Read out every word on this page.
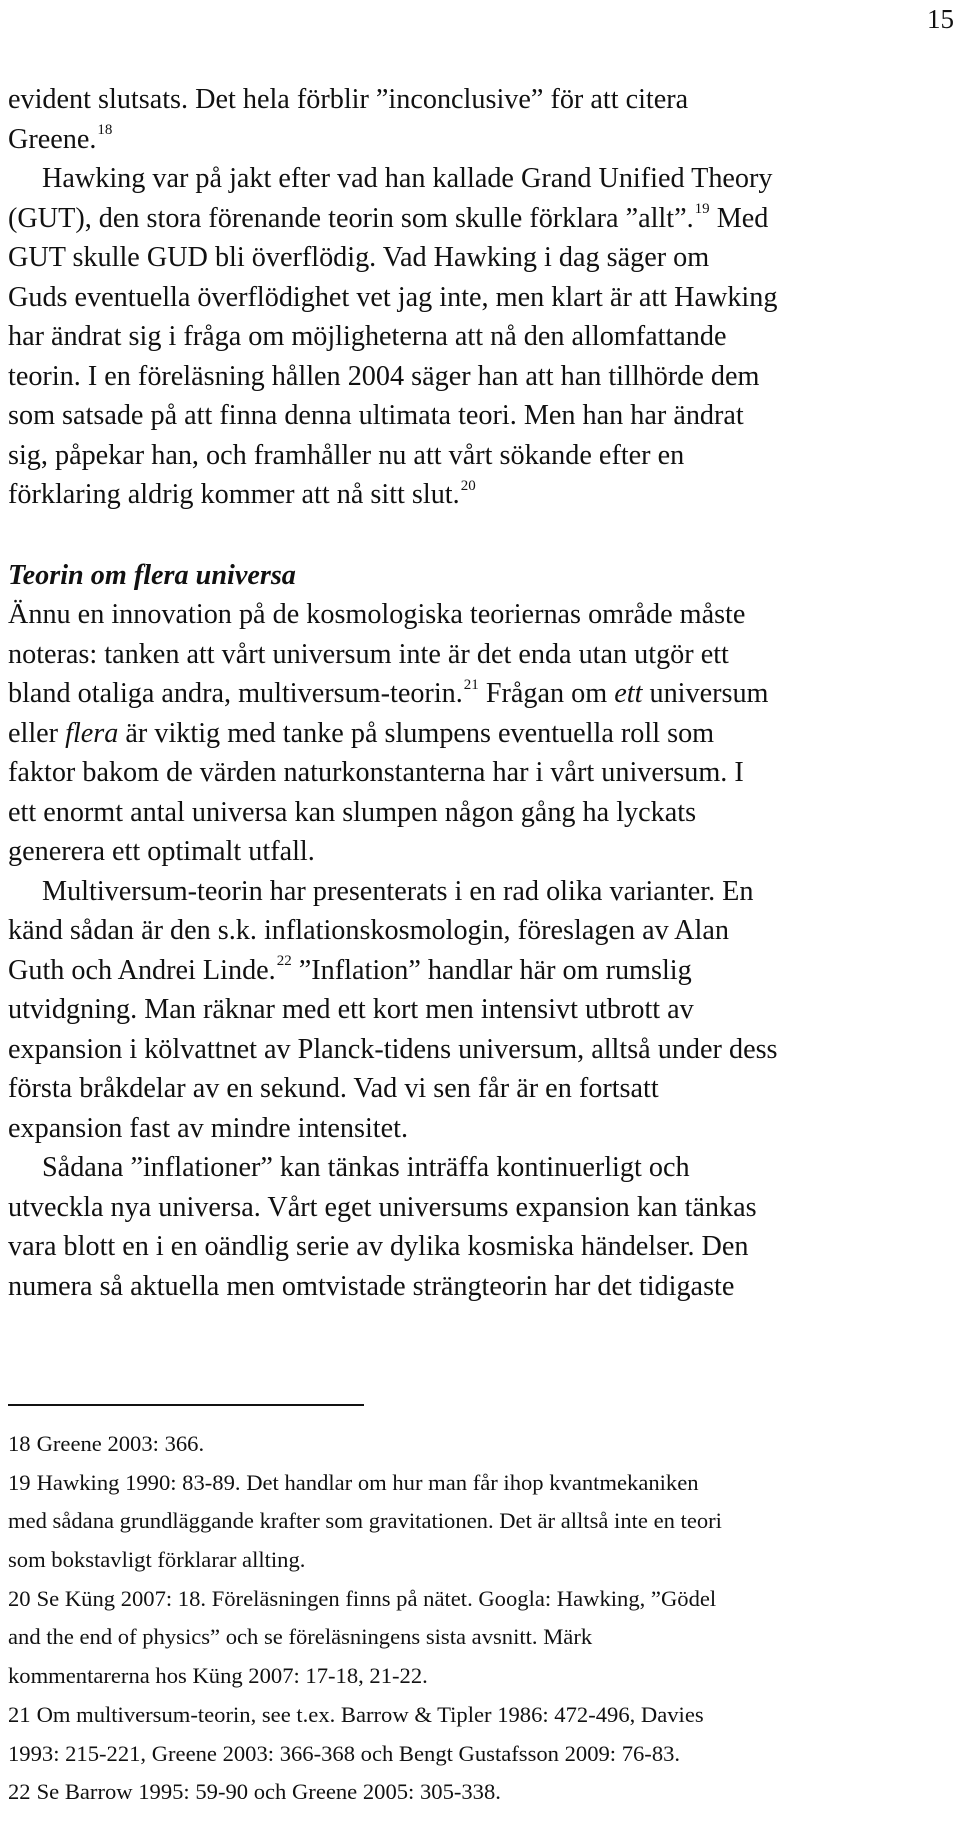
15
evident slutsats. Det hela förblir ”inconclusive” för att citera
Greene.$^{18}$
Hawking var på jakt efter vad han kallade Grand Unified Theory
(GUT), den stora förenande teorin som skulle förklara ”allt”.$^{19}$ Med
GUT skulle GUD bli överflödig. Vad Hawking i dag säger om
Guds eventuella överflödighet vet jag inte, men klart är att Hawking
har ändrat sig i fråga om möjligheterna att nå den allomfattande
teorin. I en föreläsning hållen 2004 säger han att han tillhörde dem
som satsade på att finna denna ultimata teori. Men han har ändrat
sig, påpekar han, och framhåller nu att vårt sökande efter en
förklaring aldrig kommer att nå sitt slut.$^{20}$
Teorin om flera universa
Ännu en innovation på de kosmologiska teoriernas område måste
noteras: tanken att vårt universum inte är det enda utan utgör ett
bland otaliga andra, multiversum-teorin.$^{21}$ Frågan om ett universum
eller flera är viktig med tanke på slumpens eventuella roll som
faktor bakom de värden naturkonstanterna har i vårt universum. I
ett enormt antal universa kan slumpen någon gång ha lyckats
generera ett optimalt utfall.
Multiversum-teorin har presenterats i en rad olika varianter. En
känd sådan är den s.k. inflationskosmologin, föreslagen av Alan
Guth och Andrei Linde.$^{22}$ ”Inflation” handlar här om rumslig
utvidgning. Man räknar med ett kort men intensivt utbrott av
expansion i kölvattnet av Planck-tidens universum, alltså under dess
första bråkdelar av en sekund. Vad vi sen får är en fortsatt
expansion fast av mindre intensitet.
Sådana ”inflationer” kan tänkas inträffa kontinuerligt och
utveckla nya universa. Vårt eget universums expansion kan tänkas
vara blott en i en oändlig serie av dylika kosmiska händelser. Den
numera så aktuella men omtvistade strängteorin har det tidigaste
18 Greene 2003: 366.
19 Hawking 1990: 83-89. Det handlar om hur man får ihop kvantmekaniken
med sådana grundläggande krafter som gravitationen. Det är alltså inte en teori
som bokstavligt förklarar allting.
20 Se Küng 2007: 18. Föreläsningen finns på nätet. Googla: Hawking, ”Gödel
and the end of physics” och se föreläsningens sista avsnitt. Märk
kommentarerna hos Küng 2007: 17-18, 21-22.
21 Om multiversum-teorin, see t.ex. Barrow & Tipler 1986: 472-496, Davies
1993: 215-221, Greene 2003: 366-368 och Bengt Gustafsson 2009: 76-83.
22 Se Barrow 1995: 59-90 och Greene 2005: 305-338.
